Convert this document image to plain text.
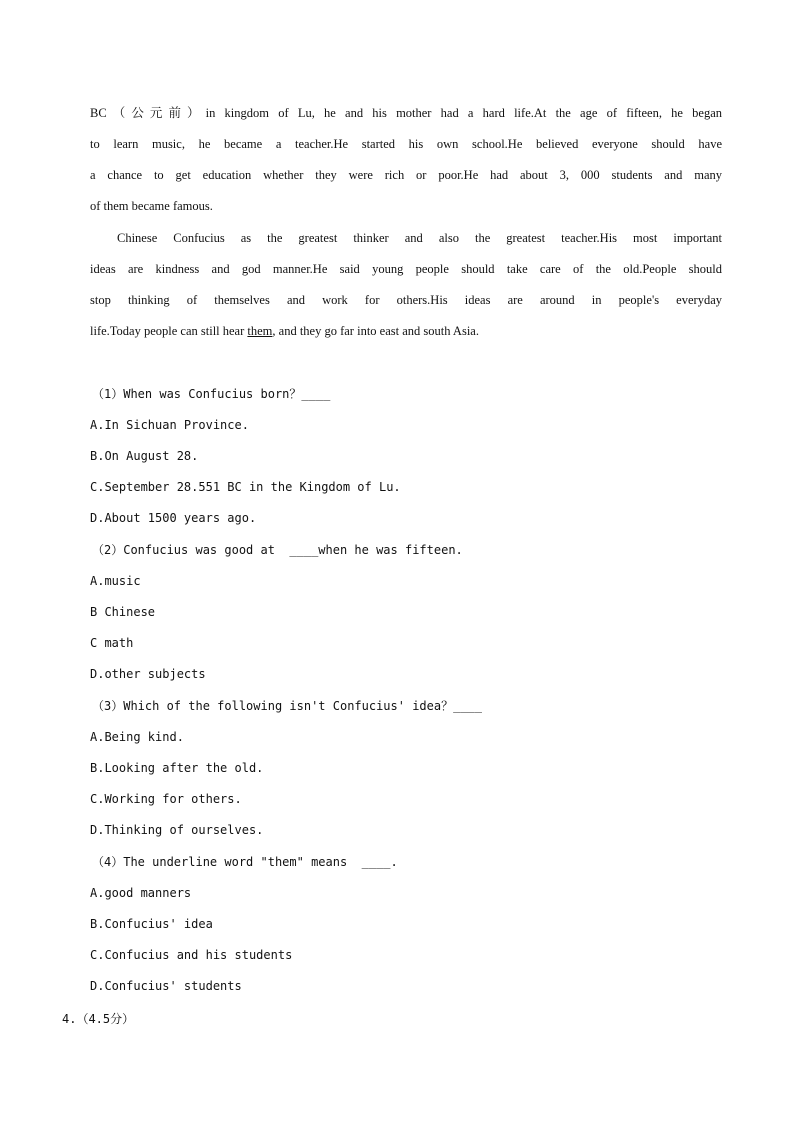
BC（公元前）in kingdom of Lu, he and his mother had a hard life.At the age of fifteen, he began
to learn music, he became a teacher.He started his own school.He believed everyone should have
a chance to get education whether they were rich or poor.He had about 3, 000 students and many
of them became famous.
Chinese Confucius as the greatest thinker and also the greatest teacher.His most important
ideas are kindness and god manner.He said young people should take care of the old.People should
stop thinking of themselves and work for others.His ideas are around in people's everyday
life.Today people can still hear them, and they go far into east and south Asia.
（1）When was Confucius born？____
A.In Sichuan Province.
B.On August 28.
C.September 28.551 BC in the Kingdom of Lu.
D.About 1500 years ago.
（2）Confucius was good at  ____when he was fifteen.
A.music
B Chinese
C math
D.other subjects
（3）Which of the following isn't Confucius' idea？____
A.Being kind.
B.Looking after the old.
C.Working for others.
D.Thinking of ourselves.
（4）The underline word "them" means  ____.
A.good manners
B.Confucius' idea
C.Confucius and his students
D.Confucius' students
4.（4.5分）
